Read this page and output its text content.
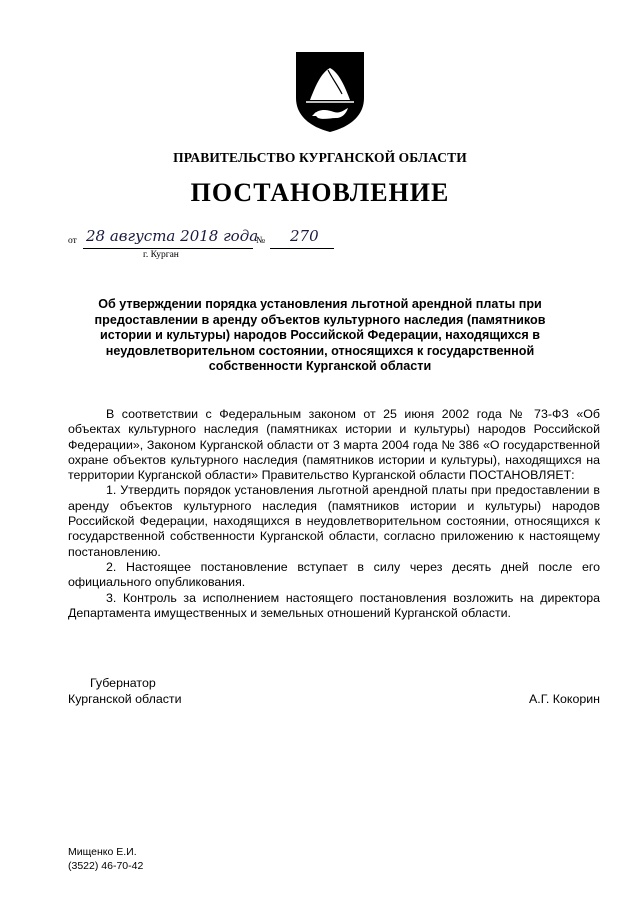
ПРАВИТЕЛЬСТВО КУРГАНСКОЙ ОБЛАСТИ
ПОСТАНОВЛЕНИЕ
от 28 августа 2018 года
№ 270
г. Курган
Об утверждении порядка установления льготной арендной платы при предоставлении в аренду объектов культурного наследия (памятников истории и культуры) народов Российской Федерации, находящихся в неудовлетворительном состоянии, относящихся к государственной собственности Курганской области

В соответствии с Федеральным законом от 25 июня 2002 года № 73-ФЗ «Об объектах культурного наследия (памятниках истории и культуры) народов Российской Федерации», Законом Курганской области от 3 марта 2004 года № 386 «О государственной охране объектов культурного наследия (памятников истории и культуры), находящихся на территории Курганской области» Правительство Курганской области ПОСТАНОВЛЯЕТ:

1. Утвердить порядок установления льготной арендной платы при предоставлении в аренду объектов культурного наследия (памятников истории и культуры) народов Российской Федерации, находящихся в неудовлетворительном состоянии, относящихся к государственной собственности Курганской области, согласно приложению к настоящему постановлению.

2. Настоящее постановление вступает в силу через десять дней после его официального опубликования.

3. Контроль за исполнением настоящего постановления возложить на директора Департамента имущественных и земельных отношений Курганской области.

Губернатор
Курганской области	А.Г. Кокорин
Мищенко Е.И.
(3522) 46-70-42
